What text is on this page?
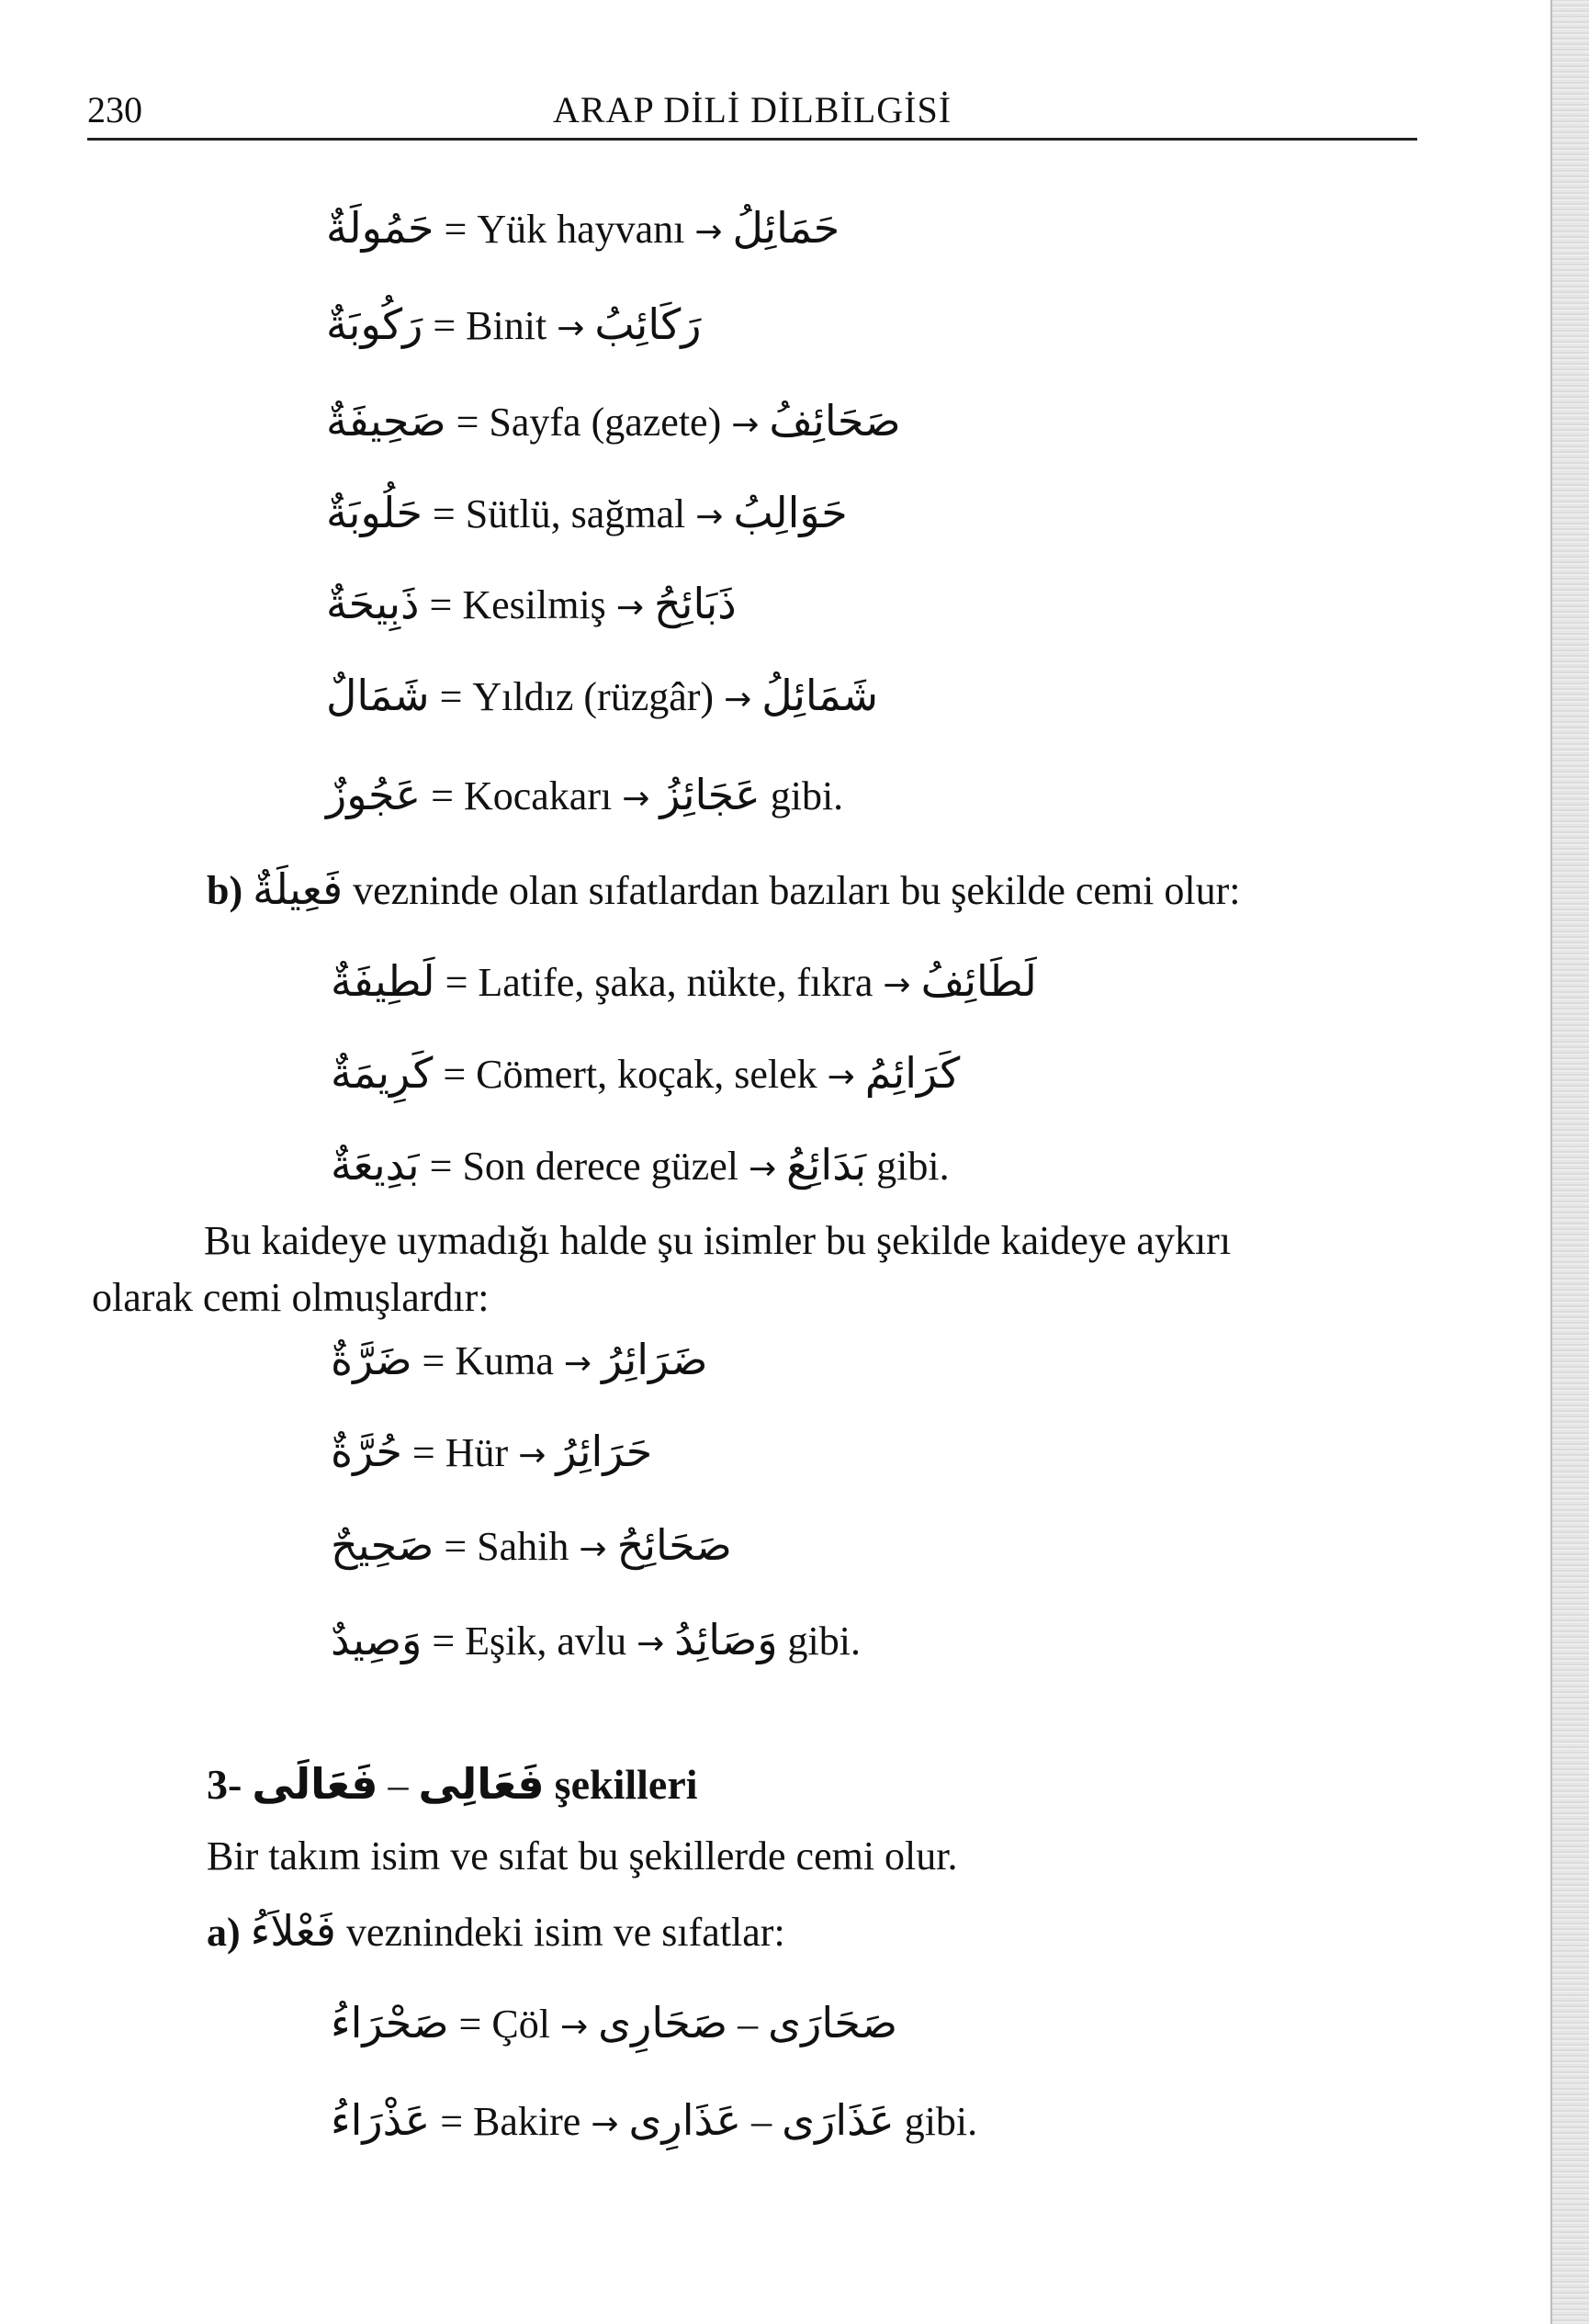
230	ARAP DİLİ DİLBİLGİSİ
حَمُولَةٌ = Yük hayvanı → حَمَائِلُ
رَكُوبَةٌ = Binit → رَكَائِبُ
صَحِيفَةٌ = Sayfa (gazete) → صَحَائِفُ
حَلُوبَةٌ = Sütlü, sağmal → حَوَالِبُ
ذَبِيحَةٌ = Kesilmiş → ذَبَائِحُ
شَمَالٌ = Yıldız (rüzgâr) → شَمَائِلُ
عَجُوزٌ = Kocakarı → عَجَائِزُ gibi.
b) فَعِيلَةٌ vezninde olan sıfatlardan bazıları bu şekilde cemi olur:
لَطِيفَةٌ = Latife, şaka, nükte, fıkra → لَطَائِفُ
كَرِيمَةٌ = Cömert, koçak, selek → كَرَائِمُ
بَدِيعَةٌ = Son derece güzel → بَدَائِعُ gibi.
Bu kaideye uymadığı halde şu isimler bu şekilde kaideye aykırı
olarak cemi olmuşlardır:
ضَرَّةٌ = Kuma → ضَرَائِرُ
حُرَّةٌ = Hür → حَرَائِرُ
صَحِيحٌ = Sahih → صَحَائِحُ
وَصِيدٌ = Eşik, avlu → وَصَائِدُ gibi.
3- فَعَالَى – فَعَالِى şekilleri
Bir takım isim ve sıfat bu şekillerde cemi olur.
a) فَعْلاَءُ veznindeki isim ve sıfatlar:
صَحْرَاءُ = Çöl → صَحَارِى – صَحَارَى
عَذْرَاءُ = Bakire → عَذَارِى – عَذَارَى gibi.
